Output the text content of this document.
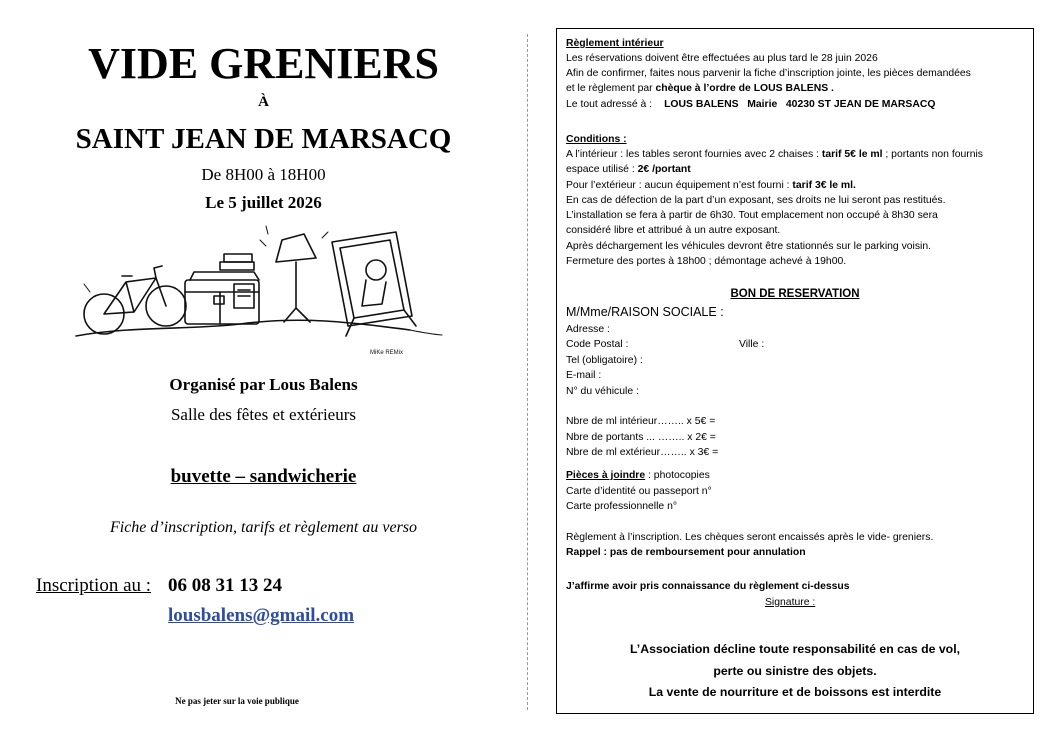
VIDE GRENIERS
À
SAINT JEAN DE MARSACQ
De 8H00 à 18H00
Le 5 juillet 2026
MiKe REMix
Organisé par Lous Balens
Salle des fêtes et extérieurs
buvette – sandwicherie
Fiche d’inscription, tarifs et règlement au verso
Inscription au : 06 08 31 13 24
lousbalens@gmail.com
Ne pas jeter sur la voie publique
Règlement intérieur
Les réservations doivent être effectuées au plus tard le 28 juin 2026
Afin de confirmer, faites nous parvenir la fiche d’inscription jointe, les pièces demandées
et le règlement par chèque à l’ordre de LOUS BALENS .
Le tout adressé à : LOUS BALENS   Mairie   40230 ST JEAN DE MARSACQ
Conditions :
A l’intérieur : les tables seront fournies avec 2 chaises : tarif 5€ le ml ; portants non fournis
espace utilisé : 2€ /portant
Pour l’extérieur : aucun équipement n’est fourni : tarif 3€ le ml.
En cas de défection de la part d’un exposant, ses droits ne lui seront pas restitués.
L’installation se fera à partir de 6h30. Tout emplacement non occupé à 8h30 sera
considéré libre et attribué à un autre exposant.
Après déchargement les véhicules devront être stationnés sur le parking voisin.
Fermeture des portes à 18h00 ; démontage achevé à 19h00.
BON DE RESERVATION
M/Mme/RAISON SOCIALE :
Adresse :
Code Postal :	Ville :
Tel (obligatoire) :
E-mail :
N° du véhicule :
Nbre de ml intérieur…….. x 5€ =
Nbre de portants ... …….. x 2€ =
Nbre de ml extérieur…….. x 3€ =
Pièces à joindre : photocopies
Carte d’identité ou passeport n°
Carte professionnelle n°
Règlement à l’inscription. Les chèques seront encaissés après le vide- greniers.
Rappel : pas de remboursement pour annulation
J’affirme avoir pris connaissance du règlement ci-dessus
Signature :
L’Association décline toute responsabilité en cas de vol,
perte ou sinistre des objets.
La vente de nourriture et de boissons est interdite
